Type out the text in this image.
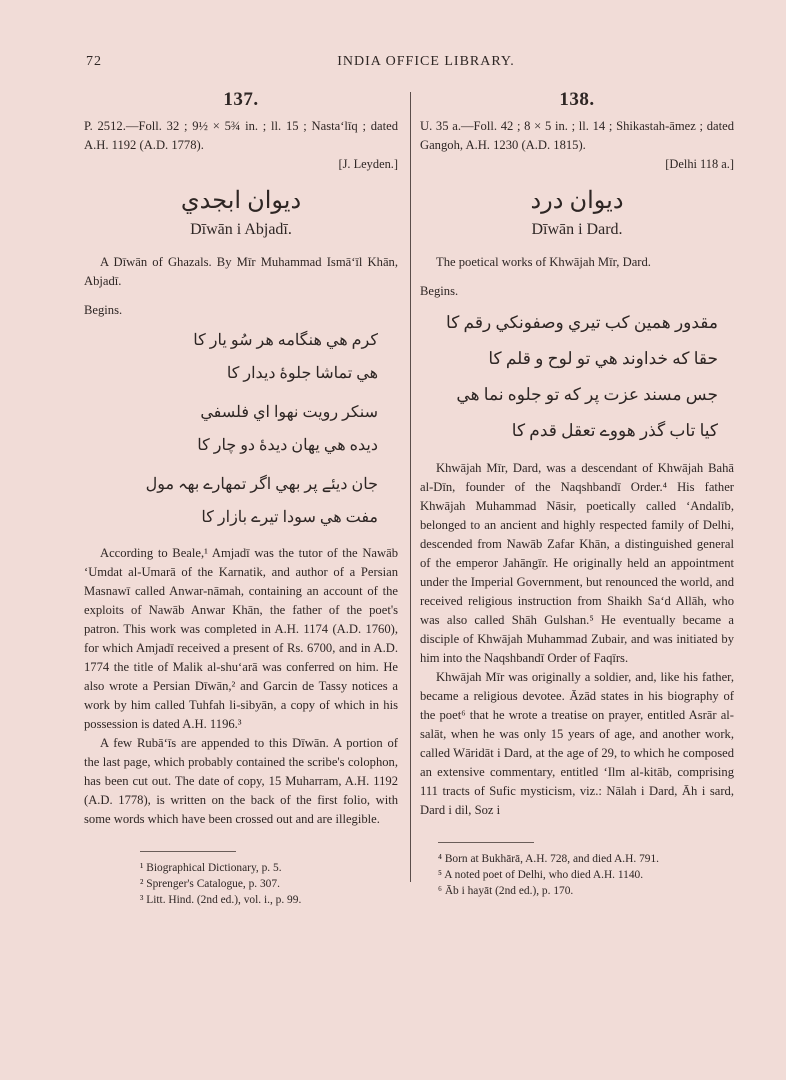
72	INDIA OFFICE LIBRARY.
137.

P. 2512.—Foll. 32 ; 9½ × 5¾ in. ; ll. 15 ; Nasta‘līq ; dated A.H. 1192 (A.D. 1778).

[J. Leyden.]

ديوان ابجدي
Dīwān i Abjadī.

A Dīwān of Ghazals. By Mīr Muhammad Ismā‘īl Khān, Abjadī.

Begins.

كرم هي هنگامه هر سُو يار كا
هي تماشا جلوهٔ ديدار كا
سنكر رويت نهوا اي فلسفي
ديده هي يهان ديدهٔ دو چار كا
جان ديئے پر بهي اگر تمهارے بهہ مول
مفت هي سودا تيرے بازار كا

According to Beale,¹ Amjadī was the tutor of the Nawāb ‘Umdat al-Umarā of the Karnatik, and author of a Persian Masnawī called Anwar-nāmah, containing an account of the exploits of Nawāb Anwar Khān, the father of the poet's patron. This work was completed in A.H. 1174 (A.D. 1760), for which Amjadī received a present of Rs. 6700, and in A.D. 1774 the title of Malik al-shu‘arā was conferred on him. He also wrote a Persian Dīwān,² and Garcin de Tassy notices a work by him called Tuhfah li-sibyān, a copy of which in his possession is dated A.H. 1196.³

A few Rubā‘īs are appended to this Dīwān. A portion of the last page, which probably contained the scribe's colophon, has been cut out. The date of copy, 15 Muharram, A.H. 1192 (A.D. 1778), is written on the back of the first folio, with some words which have been crossed out and are illegible.

¹ Biographical Dictionary, p. 5.
² Sprenger's Catalogue, p. 307.
³ Litt. Hind. (2nd ed.), vol. i., p. 99.
138.

U. 35 a.—Foll. 42 ; 8 × 5 in. ; ll. 14 ; Shikastah-āmez ; dated Gangoh, A.H. 1230 (A.D. 1815).

[Delhi 118 a.]

ديوان درد
Dīwān i Dard.

The poetical works of Khwājah Mīr, Dard.

Begins.

مقدور همين كب تيري وصفونكي رقم كا
حقا كه خداوند هي تو لوح و قلم كا
جس مسند عزت پر كه تو جلوه نما هي
كيا تاب گذر هووے تعقل قدم كا

Khwājah Mīr, Dard, was a descendant of Khwājah Bahā al-Dīn, founder of the Naqshbandī Order.⁴ His father Khwājah Muhammad Nāsir, poetically called ‘Andalīb, belonged to an ancient and highly respected family of Delhi, descended from Nawāb Zafar Khān, a distinguished general of the emperor Jahāngīr. He originally held an appointment under the Imperial Government, but renounced the world, and received religious instruction from Shaikh Sa‘d Allāh, who was also called Shāh Gulshan.⁵ He eventually became a disciple of Khwājah Muhammad Zubair, and was initiated by him into the Naqshbandī Order of Faqīrs.

Khwājah Mīr was originally a soldier, and, like his father, became a religious devotee. Āzād states in his biography of the poet⁶ that he wrote a treatise on prayer, entitled Asrār al-salāt, when he was only 15 years of age, and another work, called Wāridāt i Dard, at the age of 29, to which he composed an extensive commentary, entitled ‘Ilm al-kitāb, comprising 111 tracts of Sufic mysticism, viz.: Nālah i Dard, Āh i sard, Dard i dil, Soz i

⁴ Born at Bukhārā, A.H. 728, and died A.H. 791.
⁵ A noted poet of Delhi, who died A.H. 1140.
⁶ Āb i hayāt (2nd ed.), p. 170.
